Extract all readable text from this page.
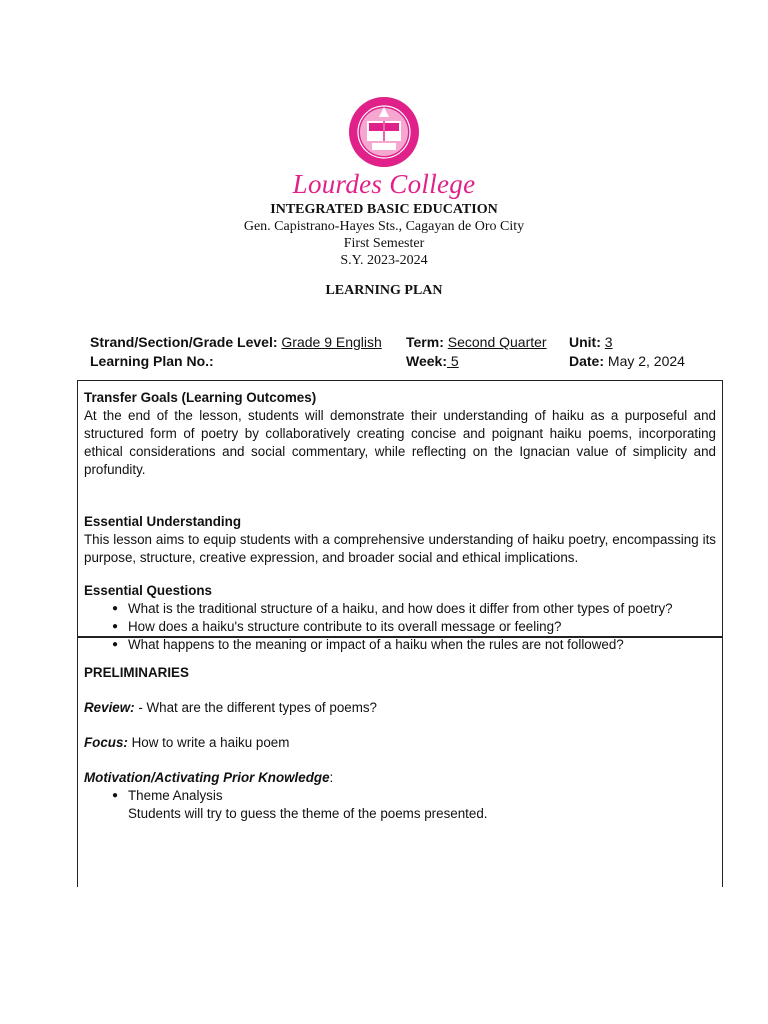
Lourdes College
INTEGRATED BASIC EDUCATION
Gen. Capistrano-Hayes Sts., Cagayan de Oro City
First Semester
S.Y. 2023-2024
LEARNING PLAN
Strand/Section/Grade Level: Grade 9 English Term: Second Quarter Unit: 3
Learning Plan No.:	Week: 5	Date: May 2, 2024
Transfer Goals (Learning Outcomes)

At the end of the lesson, students will demonstrate their understanding of haiku as a purposeful and structured form of poetry by collaboratively creating concise and poignant haiku poems, incorporating ethical considerations and social commentary, while reflecting on the Ignacian value of simplicity and profundity.

Essential Understanding

This lesson aims to equip students with a comprehensive understanding of haiku poetry, encompassing its purpose, structure, creative expression, and broader social and ethical implications.

Essential Questions
● What is the traditional structure of a haiku, and how does it differ from other types of poetry?
● How does a haiku's structure contribute to its overall message or feeling?
● What happens to the meaning or impact of a haiku when the rules are not followed?
PRELIMINARIES

Review: - What are the different types of poems?

Focus: How to write a haiku poem

Motivation/Activating Prior Knowledge:

● Theme Analysis
Students will try to guess the theme of the poems presented.
